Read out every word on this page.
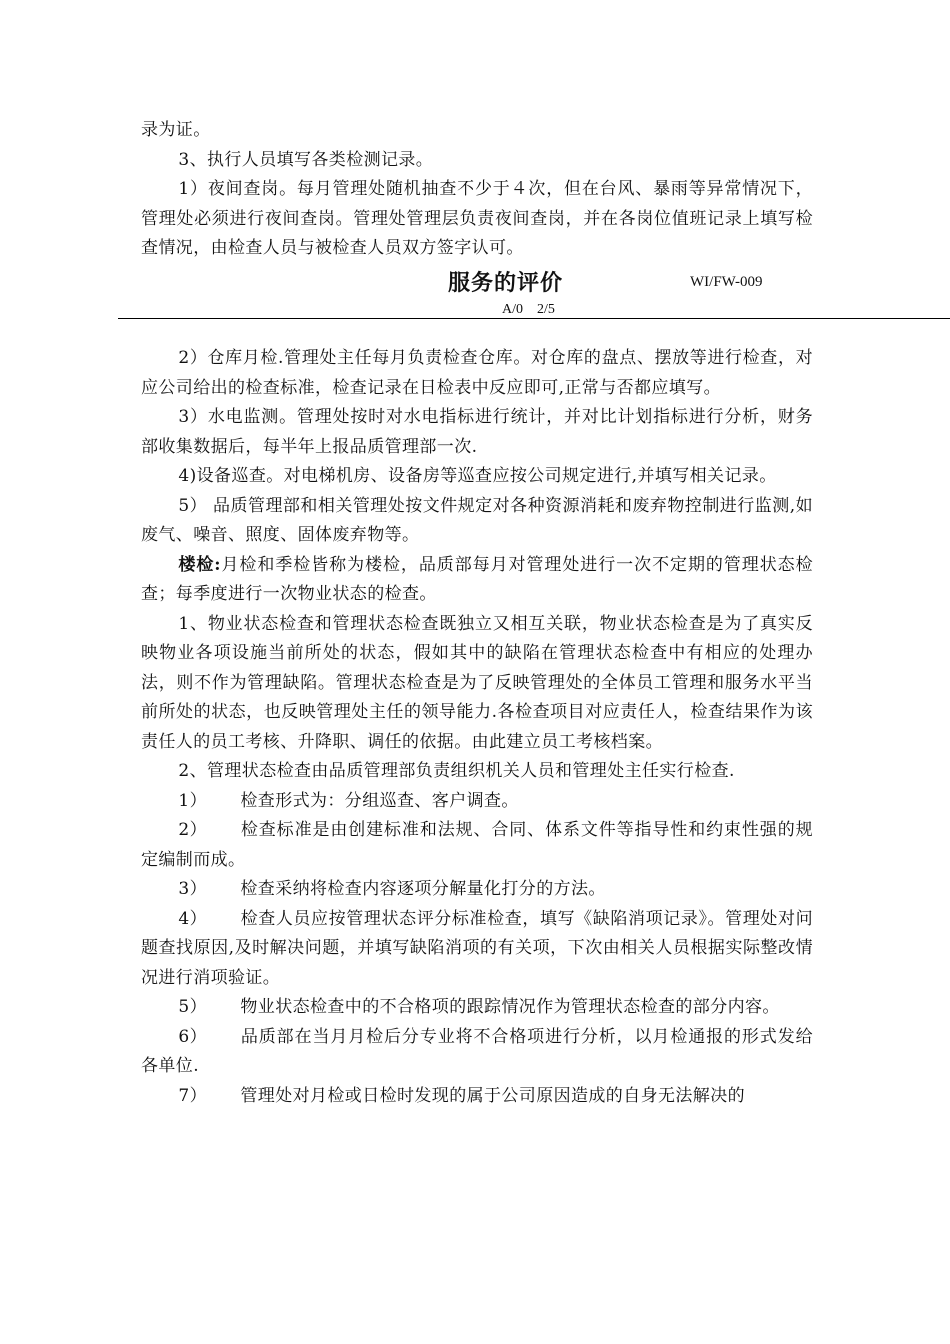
录为证。

3、执行人员填写各类检测记录。

1）夜间查岗。每月管理处随机抽查不少于４次，但在台风、暴雨等异常情况下，管理处必须进行夜间查岗。管理处管理层负责夜间查岗，并在各岗位值班记录上填写检查情况，由检查人员与被检查人员双方签字认可。

服务的评价	WI/FW-009
A/0　2/5

2）仓库月检.管理处主任每月负责检查仓库。对仓库的盘点、摆放等进行检查，对应公司给出的检查标准，检查记录在日检表中反应即可,正常与否都应填写。

3）水电监测。管理处按时对水电指标进行统计，并对比计划指标进行分析，财务部收集数据后，每半年上报品质管理部一次.

4)设备巡查。对电梯机房、设备房等巡查应按公司规定进行,并填写相关记录。

5） 品质管理部和相关管理处按文件规定对各种资源消耗和废弃物控制进行监测,如废气、噪音、照度、固体废弃物等。

楼检:月检和季检皆称为楼检，品质部每月对管理处进行一次不定期的管理状态检查；每季度进行一次物业状态的检查。

1、物业状态检查和管理状态检查既独立又相互关联，物业状态检查是为了真实反映物业各项设施当前所处的状态，假如其中的缺陷在管理状态检查中有相应的处理办法，则不作为管理缺陷。管理状态检查是为了反映管理处的全体员工管理和服务水平当前所处的状态，也反映管理处主任的领导能力.各检查项目对应责任人，检查结果作为该责任人的员工考核、升降职、调任的依据。由此建立员工考核档案。

2、管理状态检查由品质管理部负责组织机关人员和管理处主任实行检查.

1） 检查形式为：分组巡查、客户调查。

2） 检查标准是由创建标准和法规、合同、体系文件等指导性和约束性强的规定编制而成。

3） 检查采纳将检查内容逐项分解量化打分的方法。

4） 检查人员应按管理状态评分标准检查，填写《缺陷消项记录》。管理处对问题查找原因,及时解决问题，并填写缺陷消项的有关项，下次由相关人员根据实际整改情况进行消项验证。

5） 物业状态检查中的不合格项的跟踪情况作为管理状态检查的部分内容。

6） 品质部在当月月检后分专业将不合格项进行分析，以月检通报的形式发给各单位.

7） 管理处对月检或日检时发现的属于公司原因造成的自身无法解决的
